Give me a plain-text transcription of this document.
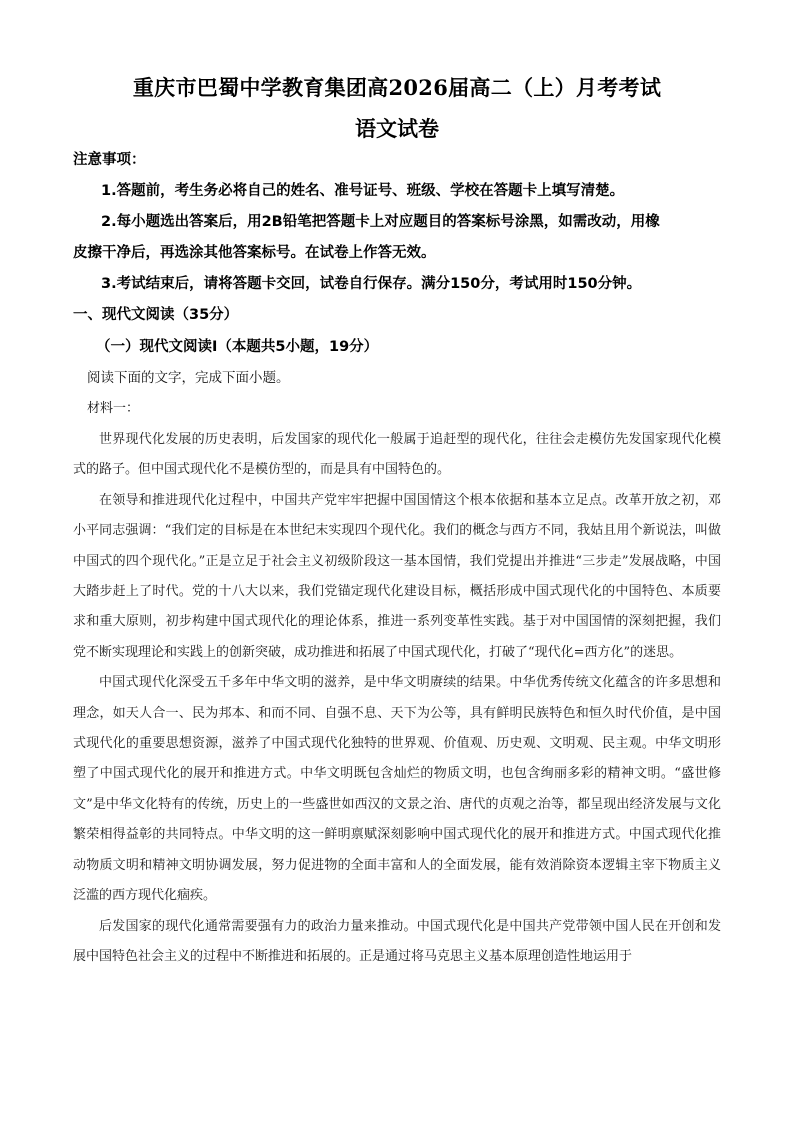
重庆市巴蜀中学教育集团高2026届高二（上）月考考试
语文试卷
注意事项：
1.答题前，考生务必将自己的姓名、准号证号、班级、学校在答题卡上填写清楚。
2.每小题选出答案后，用2B铅笔把答题卡上对应题目的答案标号涂黑，如需改动，用橡
皮擦干净后，再选涂其他答案标号。在试卷上作答无效。
3.考试结束后，请将答题卡交回，试卷自行保存。满分150分，考试用时150分钟。
一、现代文阅读（35分）
（一）现代文阅读Ⅰ（本题共5小题，19分）
阅读下面的文字，完成下面小题。
材料一：

世界现代化发展的历史表明，后发国家的现代化一般属于追赶型的现代化，往往会走模仿先发国家现代化模式的路子。但中国式现代化不是模仿型的，而是具有中国特色的。

在领导和推进现代化过程中，中国共产党牢牢把握中国国情这个根本依据和基本立足点。改革开放之初，邓小平同志强调：“我们定的目标是在本世纪末实现四个现代化。我们的概念与西方不同，我姑且用个新说法，叫做中国式的四个现代化。”正是立足于社会主义初级阶段这一基本国情，我们党提出并推进“三步走”发展战略，中国大踏步赶上了时代。党的十八大以来，我们党锚定现代化建设目标，概括形成中国式现代化的中国特色、本质要求和重大原则，初步构建中国式现代化的理论体系，推进一系列变革性实践。基于对中国国情的深刻把握，我们党不断实现理论和实践上的创新突破，成功推进和拓展了中国式现代化，打破了“现代化=西方化”的迷思。

中国式现代化深受五千多年中华文明的滋养，是中华文明赓续的结果。中华优秀传统文化蕴含的许多思想和理念，如天人合一、民为邦本、和而不同、自强不息、天下为公等，具有鲜明民族特色和恒久时代价值，是中国式现代化的重要思想资源，滋养了中国式现代化独特的世界观、价值观、历史观、文明观、民主观。中华文明形塑了中国式现代化的展开和推进方式。中华文明既包含灿烂的物质文明，也包含绚丽多彩的精神文明。“盛世修文”是中华文化特有的传统，历史上的一些盛世如西汉的文景之治、唐代的贞观之治等，都呈现出经济发展与文化繁荣相得益彰的共同特点。中华文明的这一鲜明禀赋深刻影响中国式现代化的展开和推进方式。中国式现代化推动物质文明和精神文明协调发展，努力促进物的全面丰富和人的全面发展，能有效消除资本逻辑主宰下物质主义泛滥的西方现代化痼疾。

后发国家的现代化通常需要强有力的政治力量来推动。中国式现代化是中国共产党带领中国人民在开创和发展中国特色社会主义的过程中不断推进和拓展的。正是通过将马克思主义基本原理创造性地运用于
